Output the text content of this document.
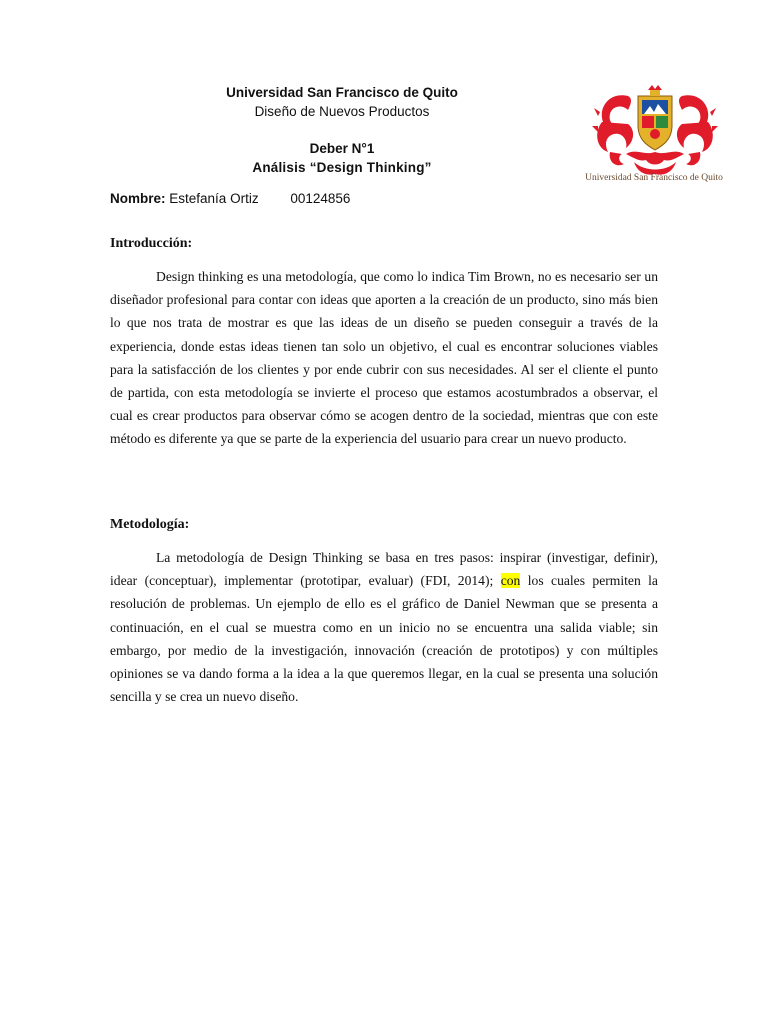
Universidad San Francisco de Quito
Diseño de Nuevos Productos
Deber N°1
Análisis “Design Thinking”
Universidad San Francisco de Quito
Nombre: Estefanía Ortiz 00124856
Introducción:

Design thinking es una metodología, que como lo indica Tim Brown, no es necesario ser un diseñador profesional para contar con ideas que aporten a la creación de un producto, sino más bien lo que nos trata de mostrar es que las ideas de un diseño se pueden conseguir a través de la experiencia, donde estas ideas tienen tan solo un objetivo, el cual es encontrar soluciones viables para la satisfacción de los clientes y por ende cubrir con sus necesidades. Al ser el cliente el punto de partida, con esta metodología se invierte el proceso que estamos acostumbrados a observar, el cual es crear productos para observar cómo se acogen dentro de la sociedad, mientras que con este método es diferente ya que se parte de la experiencia del usuario para crear un nuevo producto.

Metodología:

La metodología de Design Thinking se basa en tres pasos: inspirar (investigar, definir), idear (conceptuar), implementar (prototipar, evaluar) (FDI, 2014); con los cuales permiten la resolución de problemas. Un ejemplo de ello es el gráfico de Daniel Newman que se presenta a continuación, en el cual se muestra como en un inicio no se encuentra una salida viable; sin embargo, por medio de la investigación, innovación (creación de prototipos) y con múltiples opiniones se va dando forma a la idea a la que queremos llegar, en la cual se presenta una solución sencilla y se crea un nuevo diseño.
